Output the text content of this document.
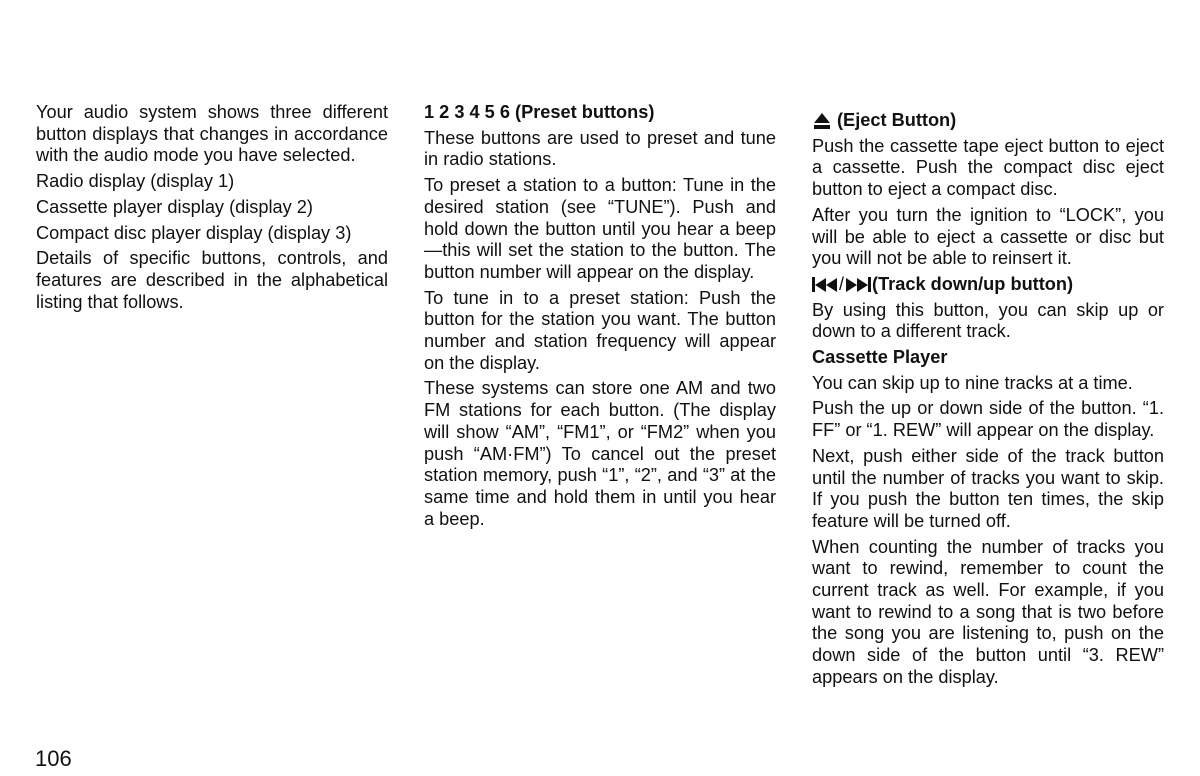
Your audio system shows three different button displays that changes in accordance with the audio mode you have selected.

Radio display (display 1)

Cassette player display (display 2)

Compact disc player display (display 3)

Details of specific buttons, controls, and features are described in the alphabetical listing that follows.

1 2 3 4 5 6 (Preset buttons)

These buttons are used to preset and tune in radio stations.

To preset a station to a button: Tune in the desired station (see “TUNE”). Push and hold down the button until you hear a beep—this will set the station to the button. The button number will appear on the display.

To tune in to a preset station: Push the button for the station you want. The button number and station frequency will appear on the display.

These systems can store one AM and two FM stations for each button. (The display will show “AM”, “FM1”, or “FM2” when you push “AM·FM”) To cancel out the preset station memory, push “1”, “2”, and “3” at the same time and hold them in until you hear a beep.

(Eject Button)

Push the cassette tape eject button to eject a cassette. Push the compact disc eject button to eject a compact disc.

After you turn the ignition to “LOCK”, you will be able to eject a cassette or disc but you will not be able to reinsert it.

/ (Track down/up button)

By using this button, you can skip up or down to a different track.

Cassette Player

You can skip up to nine tracks at a time.

Push the up or down side of the button. “1. FF” or “1. REW” will appear on the display.

Next, push either side of the track button until the number of tracks you want to skip. If you push the button ten times, the skip feature will be turned off.

When counting the number of tracks you want to rewind, remember to count the current track as well. For example, if you want to rewind to a song that is two before the song you are listening to, push on the down side of the button until “3. REW” appears on the display.

106
